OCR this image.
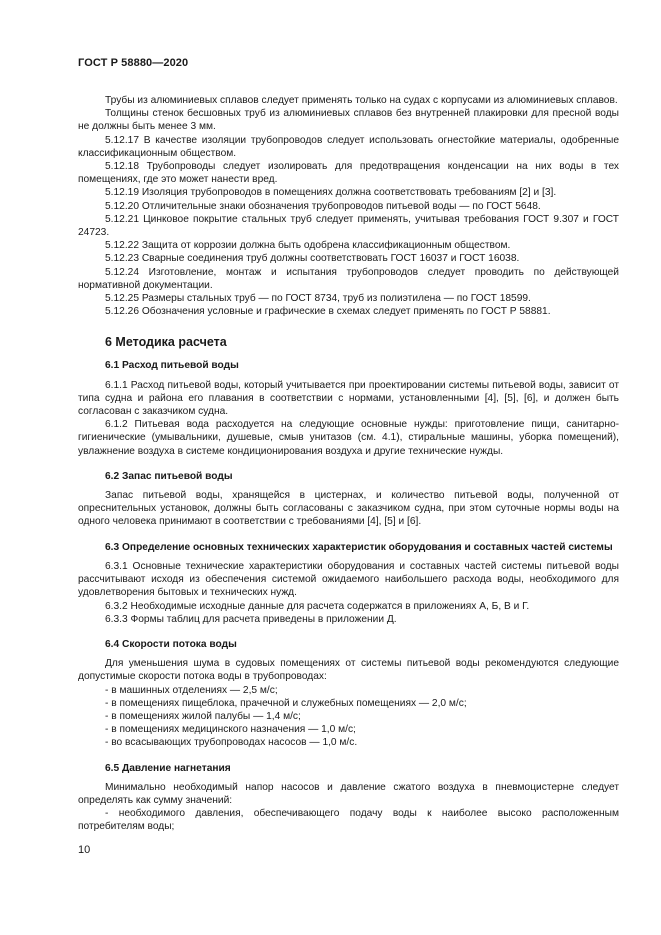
ГОСТ Р 58880—2020

Трубы из алюминиевых сплавов следует применять только на судах с корпусами из алюминиевых сплавов.

Толщины стенок бесшовных труб из алюминиевых сплавов без внутренней плакировки для пресной воды не должны быть менее 3 мм.

5.12.17 В качестве изоляции трубопроводов следует использовать огнестойкие материалы, одобренные классификационным обществом.

5.12.18 Трубопроводы следует изолировать для предотвращения конденсации на них воды в тех помещениях, где это может нанести вред.

5.12.19 Изоляция трубопроводов в помещениях должна соответствовать требованиям [2] и [3].

5.12.20 Отличительные знаки обозначения трубопроводов питьевой воды — по ГОСТ 5648.

5.12.21 Цинковое покрытие стальных труб следует применять, учитывая требования ГОСТ 9.307 и ГОСТ 24723.

5.12.22 Защита от коррозии должна быть одобрена классификационным обществом.

5.12.23 Сварные соединения труб должны соответствовать ГОСТ 16037 и ГОСТ 16038.

5.12.24 Изготовление, монтаж и испытания трубопроводов следует проводить по действующей нормативной документации.

5.12.25 Размеры стальных труб — по ГОСТ 8734, труб из полиэтилена — по ГОСТ 18599.

5.12.26 Обозначения условные и графические в схемах следует применять по ГОСТ Р 58881.

6 Методика расчета
6.1 Расход питьевой воды

6.1.1 Расход питьевой воды, который учитывается при проектировании системы питьевой воды, зависит от типа судна и района его плавания в соответствии с нормами, установленными [4], [5], [6], и должен быть согласован с заказчиком судна.

6.1.2 Питьевая вода расходуется на следующие основные нужды: приготовление пищи, санитарно-гигиенические (умывальники, душевые, смыв унитазов (см. 4.1), стиральные машины, уборка помещений), увлажнение воздуха в системе кондиционирования воздуха и другие технические нужды.

6.2 Запас питьевой воды

Запас питьевой воды, хранящейся в цистернах, и количество питьевой воды, полученной от опреснительных установок, должны быть согласованы с заказчиком судна, при этом суточные нормы воды на одного человека принимают в соответствии с требованиями [4], [5] и [6].

6.3 Определение основных технических характеристик оборудования и составных частей системы

6.3.1 Основные технические характеристики оборудования и составных частей системы питьевой воды рассчитывают исходя из обеспечения системой ожидаемого наибольшего расхода воды, необходимого для удовлетворения бытовых и технических нужд.

6.3.2 Необходимые исходные данные для расчета содержатся в приложениях А, Б, В и Г.

6.3.3 Формы таблиц для расчета приведены в приложении Д.

6.4 Скорости потока воды

Для уменьшения шума в судовых помещениях от системы питьевой воды рекомендуются следующие допустимые скорости потока воды в трубопроводах:

- в машинных отделениях — 2,5 м/с;

- в помещениях пищеблока, прачечной и служебных помещениях — 2,0 м/с;

- в помещениях жилой палубы — 1,4 м/с;

- в помещениях медицинского назначения — 1,0 м/с;

- во всасывающих трубопроводах насосов — 1,0 м/с.

6.5 Давление нагнетания

Минимально необходимый напор насосов и давление сжатого воздуха в пневмоцистерне следует определять как сумму значений:

- необходимого давления, обеспечивающего подачу воды к наиболее высоко расположенным потребителям воды;

10
